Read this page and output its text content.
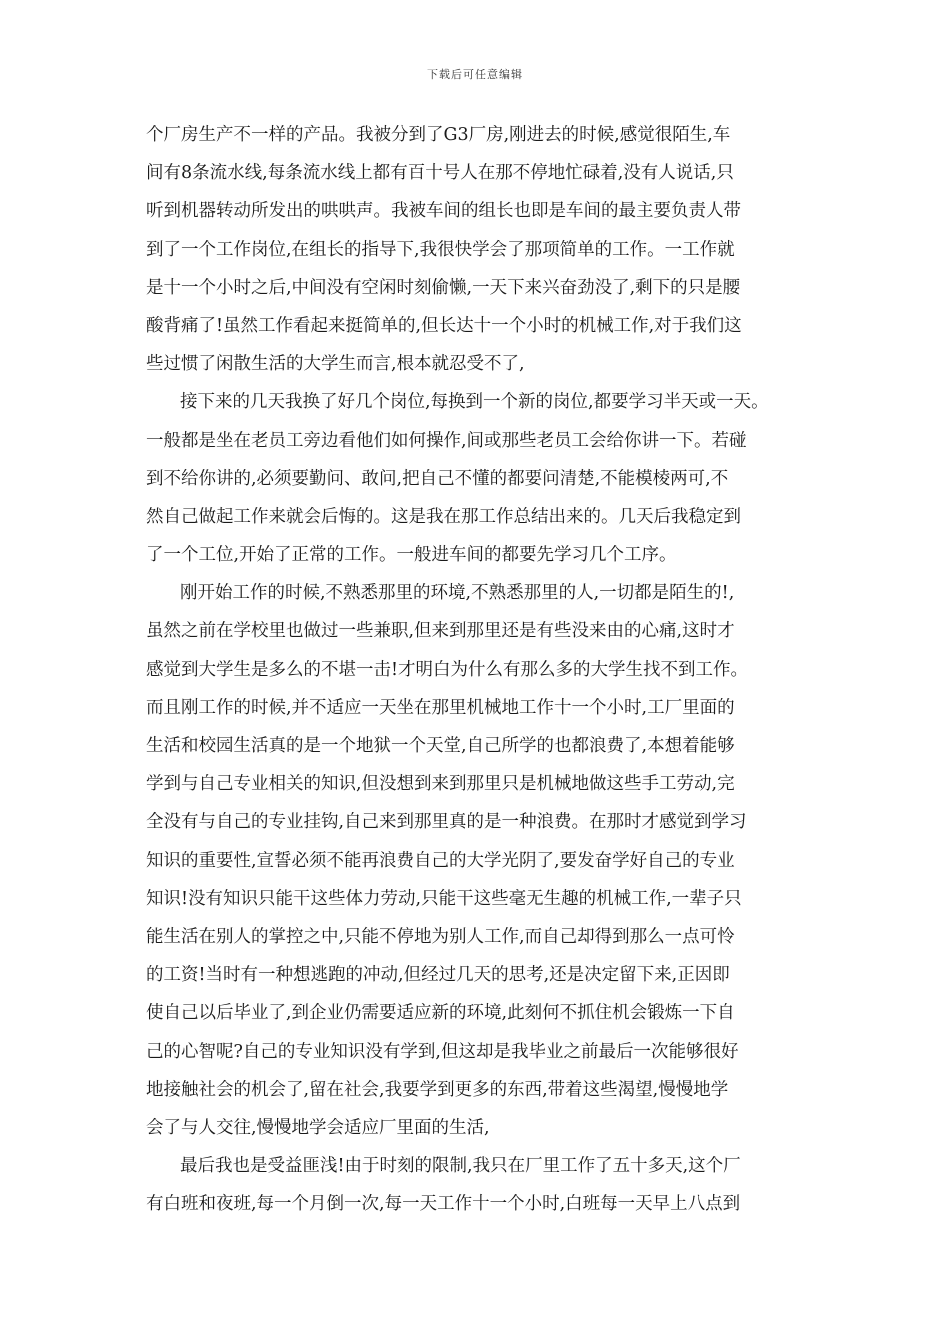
下载后可任意编辑
个厂房生产不一样的产品。我被分到了G3厂房,刚进去的时候,感觉很陌生,车
间有8条流水线,每条流水线上都有百十号人在那不停地忙碌着,没有人说话,只
听到机器转动所发出的哄哄声。我被车间的组长也即是车间的最主要负责人带
到了一个工作岗位,在组长的指导下,我很快学会了那项简单的工作。一工作就
是十一个小时之后,中间没有空闲时刻偷懒,一天下来兴奋劲没了,剩下的只是腰
酸背痛了!虽然工作看起来挺简单的,但长达十一个小时的机械工作,对于我们这
些过惯了闲散生活的大学生而言,根本就忍受不了,
接下来的几天我换了好几个岗位,每换到一个新的岗位,都要学习半天或一天。
一般都是坐在老员工旁边看他们如何操作,间或那些老员工会给你讲一下。若碰
到不给你讲的,必须要勤问、敢问,把自己不懂的都要问清楚,不能模棱两可,不
然自己做起工作来就会后悔的。这是我在那工作总结出来的。几天后我稳定到
了一个工位,开始了正常的工作。一般进车间的都要先学习几个工序。
刚开始工作的时候,不熟悉那里的环境,不熟悉那里的人,一切都是陌生的!,
虽然之前在学校里也做过一些兼职,但来到那里还是有些没来由的心痛,这时才
感觉到大学生是多么的不堪一击!才明白为什么有那么多的大学生找不到工作。
而且刚工作的时候,并不适应一天坐在那里机械地工作十一个小时,工厂里面的
生活和校园生活真的是一个地狱一个天堂,自己所学的也都浪费了,本想着能够
学到与自己专业相关的知识,但没想到来到那里只是机械地做这些手工劳动,完
全没有与自己的专业挂钩,自己来到那里真的是一种浪费。在那时才感觉到学习
知识的重要性,宣誓必须不能再浪费自己的大学光阴了,要发奋学好自己的专业
知识!没有知识只能干这些体力劳动,只能干这些毫无生趣的机械工作,一辈子只
能生活在别人的掌控之中,只能不停地为别人工作,而自己却得到那么一点可怜
的工资!当时有一种想逃跑的冲动,但经过几天的思考,还是决定留下来,正因即
使自己以后毕业了,到企业仍需要适应新的环境,此刻何不抓住机会锻炼一下自
己的心智呢?自己的专业知识没有学到,但这却是我毕业之前最后一次能够很好
地接触社会的机会了,留在社会,我要学到更多的东西,带着这些渴望,慢慢地学
会了与人交往,慢慢地学会适应厂里面的生活,
最后我也是受益匪浅!由于时刻的限制,我只在厂里工作了五十多天,这个厂
有白班和夜班,每一个月倒一次,每一天工作十一个小时,白班每一天早上八点到
